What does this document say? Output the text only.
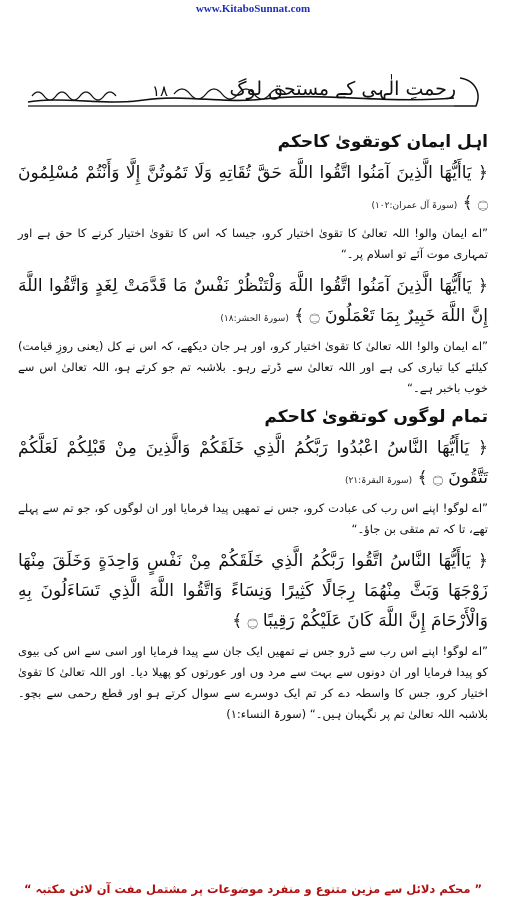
www.KitaboSunnat.com
۱۸	رحمتِ الٰہی کے مستحق لوگ
اہل ایمان کوتقویٰ کاحکم

﴿ يَاأَيُّهَا الَّذِينَ آمَنُوا اتَّقُوا اللَّهَ حَقَّ تُقَاتِهِ وَلَا تَمُوتُنَّ إِلَّا وَأَنْتُمْ مُسْلِمُونَ ۝ ﴾ (سورۃ آل عمران:۱۰۲)

”اے ایمان والو! اللہ تعالیٰ کا تقویٰ اختیار کرو، جیسا کہ اس کا تقویٰ اختیار کرنے کا حق ہے اور تمہاری موت آئے تو اسلام پر۔“

﴿ يَاأَيُّهَا الَّذِينَ آمَنُوا اتَّقُوا اللَّهَ وَلْتَنْظُرْ نَفْسٌ مَا قَدَّمَتْ لِغَدٍ وَاتَّقُوا اللَّهَ إِنَّ اللَّهَ خَبِيرٌ بِمَا تَعْمَلُونَ ۝ ﴾ (سورۃ الحشر:۱۸)

”اے ایمان والو! اللہ تعالیٰ کا تقویٰ اختیار کرو، اور ہر جان دیکھے، کہ اس نے کل (یعنی روزِ قیامت) کیلئے کیا تیاری کی ہے اور اللہ تعالیٰ سے ڈرتے رہو۔ بلاشبہ تم جو کرتے ہو، اللہ تعالیٰ اس سے خوب باخبر ہے۔“

تمام لوگوں کوتقویٰ کاحکم

﴿ يَاأَيُّهَا النَّاسُ اعْبُدُوا رَبَّكُمُ الَّذِي خَلَقَكُمْ وَالَّذِينَ مِنْ قَبْلِكُمْ لَعَلَّكُمْ تَتَّقُونَ ۝ ﴾ (سورۃ البقرۃ:۲۱)

”اے لوگو! اپنے اس رب کی عبادت کرو، جس نے تمھیں پیدا فرمایا اور ان لوگوں کو، جو تم سے پہلے تھے، تا کہ تم متقی بن جاؤ۔“

﴿ يَاأَيُّهَا النَّاسُ اتَّقُوا رَبَّكُمُ الَّذِي خَلَقَكُمْ مِنْ نَفْسٍ وَاحِدَةٍ وَخَلَقَ مِنْهَا زَوْجَهَا وَبَثَّ مِنْهُمَا رِجَالًا كَثِيرًا وَنِسَاءً وَاتَّقُوا اللَّهَ الَّذِي تَسَاءَلُونَ بِهِ وَالْأَرْحَامَ إِنَّ اللَّهَ كَانَ عَلَيْكُمْ رَقِيبًا ۝ ﴾

”اے لوگو! اپنے اس رب سے ڈرو جس نے تمھیں ایک جان سے پیدا فرمایا اور اسی سے اس کی بیوی کو پیدا فرمایا اور ان دونوں سے بہت سے مرد وں اور عورتوں کو پھیلا دیا۔ اور اللہ تعالیٰ کا تقویٰ اختیار کرو، جس کا واسطہ دے کر تم ایک دوسرے سے سوال کرتے ہو اور قطع رحمی سے بچو۔ بلاشبہ اللہ تعالیٰ تم پر نگہبان ہیں۔“ (سورۃ النساء:۱)

” محکم دلائل سے مزین متنوع و منفرد موضوعات پر مشتمل مفت آن لائن مکتبہ “
